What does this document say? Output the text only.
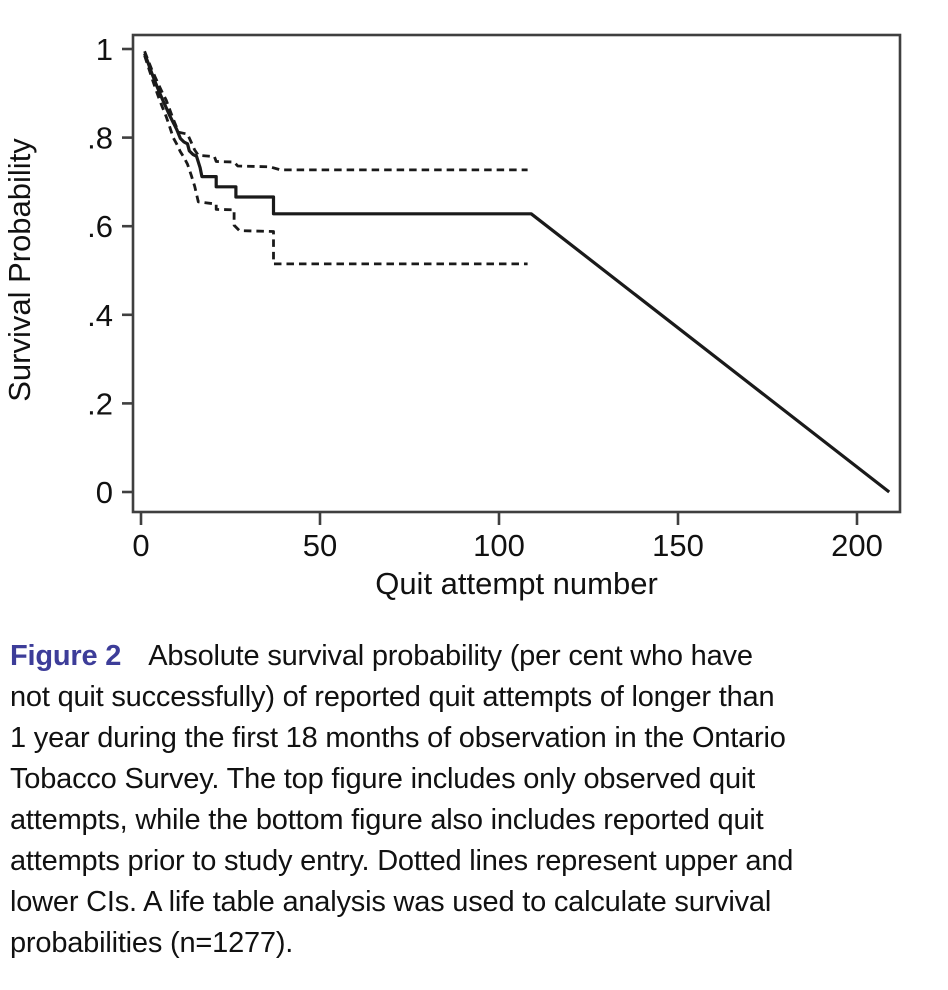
0
.2
.4
.6
.8
1
0	50	100	150	200
Survival Probability
Quit attempt number

Figure 2 Absolute survival probability (per cent who have
not quit successfully) of reported quit attempts of longer than
1 year during the first 18 months of observation in the Ontario
Tobacco Survey. The top figure includes only observed quit
attempts, while the bottom figure also includes reported quit
attempts prior to study entry. Dotted lines represent upper and
lower CIs. A life table analysis was used to calculate survival
probabilities (n=1277).
